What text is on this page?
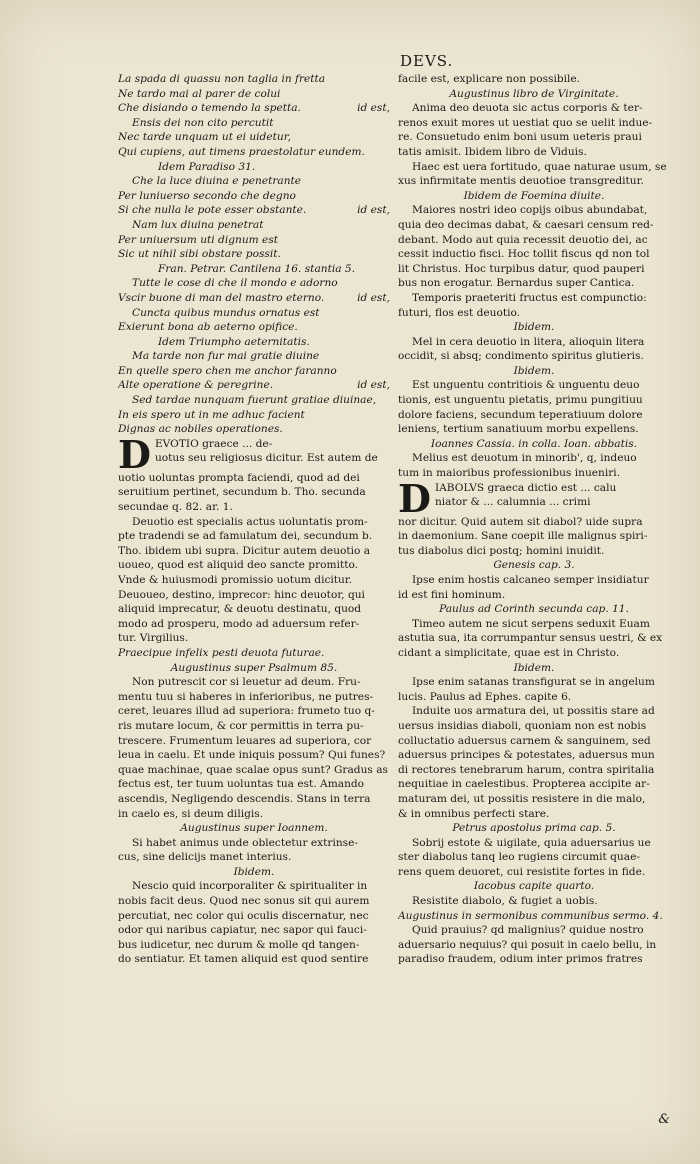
DEVS.
La spada di quassu non taglia in fretta
Ne tardo mai al parer de colui
Che disiando o temendo la spetta.	id est,
Ensis dei non cito percutit
Nec tarde unquam ut ei uidetur,
Qui cupiens, aut timens praestolatur eundem.
Idem Paradiso 31.
Che la luce diuina e penetrante
Per luniuerso secondo che degno
Si che nulla le pote esser obstante.	id est,
Nam lux diuina penetrat
Per uniuersum uti dignum est
Sic ut nihil sibi obstare possit.
Fran. Petrar. Cantilena 16. stantia 5.
Tutte le cose di che il mondo e adorno
Vscir buone di man del mastro eterno.	id est,
Cuncta quibus mundus ornatus est
Exierunt bona ab aeterno opifice.
Idem Triumpho aeternitatis.
Ma tarde non fur mai gratie diuine
En quelle spero chen me anchor faranno
Alte operatione & peregrine.	id est,
Sed tardae nunquam fuerunt gratiae diuinae,
In eis spero ut in me adhuc facient
Dignas ac nobiles operationes.
D EVOTIO graece ... de-
uotus seu religiosus dicitur. Est autem de
uotio uoluntas prompta faciendi, quod ad dei
seruitium pertinet, secundum b. Tho. secunda
secundae q. 82. ar. 1.
Deuotio est specialis actus uoluntatis prom-
pte tradendi se ad famulatum dei, secundum b.
Tho. ibidem ubi supra. Dicitur autem deuotio a
uoueo, quod est aliquid deo sancte promitto.
Vnde & huiusmodi promissio uotum dicitur.
Deuoueo, destino, imprecor: hinc deuotor, qui
aliquid imprecatur, & deuotu destinatu, quod
modo ad prosperu, modo ad aduersum refer-
tur. Virgilius.
Praecipue infelix pesti deuota futurae.
Augustinus super Psalmum 85.
Non putrescit cor si leuetur ad deum. Fru-
mentu tuu si haberes in inferioribus, ne putres-
ceret, leuares illud ad superiora: frumeto tuo q-
ris mutare locum, & cor permittis in terra pu-
trescere. Frumentum leuares ad superiora, cor
leua in caelu. Et unde iniquis possum? Qui funes?
quae machinae, quae scalae opus sunt? Gradus as
fectus est, ter tuum uoluntas tua est. Amando
ascendis, Negligendo descendis. Stans in terra
in caelo es, si deum diligis.
Augustinus super Ioannem.
Si habet animus unde oblectetur extrinse-
cus, sine delicijs manet interius.
Ibidem.
Nescio quid incorporaliter & spiritualiter in
nobis facit deus. Quod nec sonus sit qui aurem
percutiat, nec color qui oculis discernatur, nec
odor qui naribus capiatur, nec sapor qui fauci-
bus iudicetur, nec durum & molle qd tangen-
do sentiatur. Et tamen aliquid est quod sentire
facile est, explicare non possibile.
Augustinus libro de Virginitate.
Anima deo deuota sic actus corporis & ter-
renos exuit mores ut uestiat quo se uelit indue-
re. Consuetudo enim boni usum ueteris praui
tatis amisit. Ibidem libro de Viduis.
Haec est uera fortitudo, quae naturae usum, se
xus infirmitate mentis deuotioe transgreditur.
Ibidem de Foemina diuite.
Maiores nostri ideo copijs oibus abundabat,
quia deo decimas dabat, & caesari censum red-
debant. Modo aut quia recessit deuotio dei, ac
cessit inductio fisci. Hoc tollit fiscus qd non tol
lit Christus. Hoc turpibus datur, quod pauperi
bus non erogatur. Bernardus super Cantica.
Temporis praeteriti fructus est compunctio:
futuri, flos est deuotio.
Ibidem.
Mel in cera deuotio in litera, alioquin litera
occidit, si absq; condimento spiritus glutieris.
Ibidem.
Est unguentu contritiois & unguentu deuo
tionis, est unguentu pietatis, primu pungitiuu
dolore faciens, secundum teperatiuum dolore
leniens, tertium sanatiuum morbu expellens.
Ioannes Cassia. in colla. Ioan. abbatis.
Melius est deuotum in minorib', q, indeuo
tum in maioribus professionibus inueniri.
D IABOLVS graeca dictio est ... calu
niator & ... calumnia ... crimi
nor dicitur. Quid autem sit diabol? uide supra
in daemonium. Sane coepit ille malignus spiri-
tus diabolus dici postq; homini inuidit.
Genesis cap. 3.
Ipse enim hostis calcaneo semper insidiatur
id est fini hominum.
Paulus ad Corinth secunda cap. 11.
Timeo autem ne sicut serpens seduxit Euam
astutia sua, ita corrumpantur sensus uestri, & ex
cidant a simplicitate, quae est in Christo.
Ibidem.
Ipse enim satanas transfigurat se in angelum
lucis. Paulus ad Ephes. capite 6.
Induite uos armatura dei, ut possitis stare ad
uersus insidias diaboli, quoniam non est nobis
colluctatio aduersus carnem & sanguinem, sed
aduersus principes & potestates, aduersus mun
di rectores tenebrarum harum, contra spiritalia
nequitiae in caelestibus. Propterea accipite ar-
maturam dei, ut possitis resistere in die malo,
& in omnibus perfecti stare.
Petrus apostolus prima cap. 5.
Sobrij estote & uigilate, quia aduersarius ue
ster diabolus tanq leo rugiens circumit quae-
rens quem deuoret, cui resistite fortes in fide.
Iacobus capite quarto.
Resistite diabolo, & fugiet a uobis.
Augustinus in sermonibus communibus sermo. 4.
Quid prauius? qd malignius? quidue nostro
aduersario nequius? qui posuit in caelo bellu, in
paradiso fraudem, odium inter primos fratres
&
